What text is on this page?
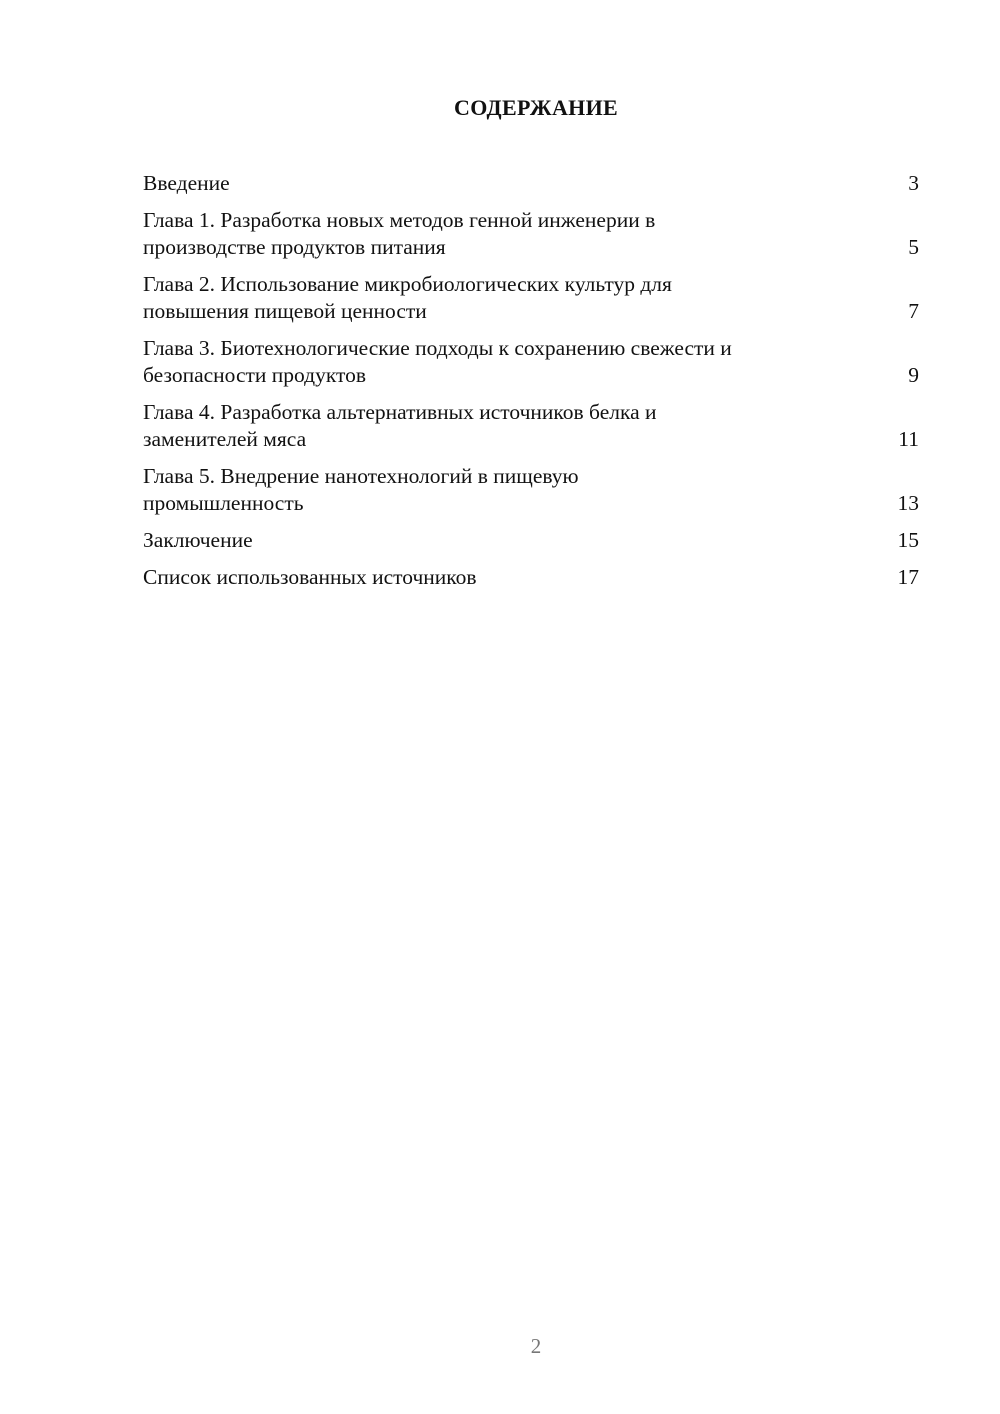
СОДЕРЖАНИЕ
Введение	3
Глава 1. Разработка новых методов генной инженерии в
производстве продуктов питания	5
Глава 2. Использование микробиологических культур для
повышения пищевой ценности	7
Глава 3. Биотехнологические подходы к сохранению свежести и
безопасности продуктов	9
Глава 4. Разработка альтернативных источников белка и
заменителей мяса	11
Глава 5. Внедрение нанотехнологий в пищевую
промышленность	13
Заключение	15
Список использованных источников	17
2
